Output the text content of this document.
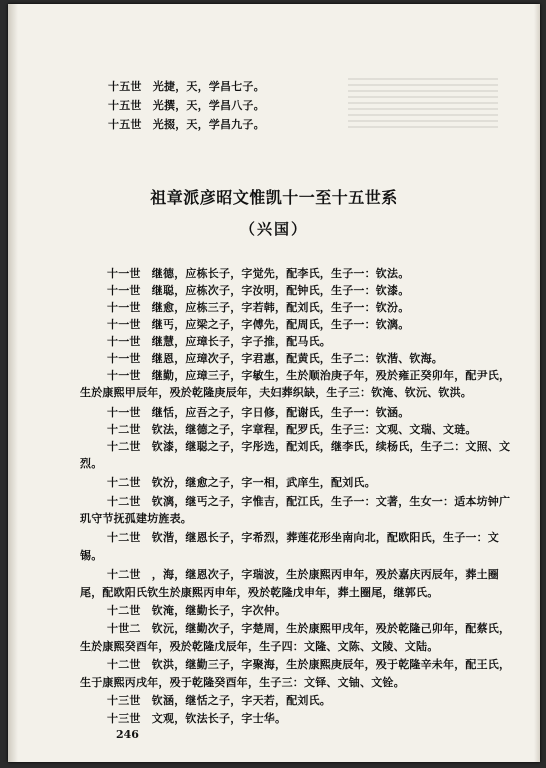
十五世　光捷，天，学昌七子。
十五世　光撰，天，学昌八子。
十五世　光掇，天，学昌九子。
祖章派彦昭文惟凯十一至十五世系
（兴国）
十一世　继德，应栋长子，字觉先，配李氏，生子一：钦法。
十一世　继聪，应栋次子，字汝明，配钟氏，生子一：钦漆。
十一世　继愈，应栋三子，字若韩，配刘氏，生子一：钦汾。
十一世　继丐，应梁之子，字傅先，配周氏，生子一：钦漓。
十一世　继慧，应璋长子，字子推，配马氏。
十一世　继恩，应璋次子，字君惠，配黄氏，生子二：钦湝、钦海。
十一世　继勤，应璋三子，字敏生，生於顺治庚子年，殁於雍正癸卯年，配尹氏，
生於康熙甲辰年，殁於乾隆庚辰年，夫妇葬织缺，生子三：钦淹、钦沅、钦洪。
十一世　继恬，应吾之子，字日修，配谢氏，生子一：钦涵。
十二世　钦法，继德之子，字章程，配罗氏，生子三：文观、文瑞、文琏。
十二世　钦漆，继聪之子，字彤选，配刘氏，继李氏，续杨氏，生子二：文照、文
烈。
十二世　钦汾，继愈之子，字一相，武庠生，配刘氏。
十二世　钦漓，继丐之子，字惟吉，配江氏，生子一：文著，生女一：适本坊钟广
玑守节抚孤建坊旌表。
十二世　钦湝，继恩长子，字希烈，葬莲花形坐南向北，配欧阳氏，生子一：文
锡。
十二世　，海，继恩次子，字瑞波，生於康熙丙申年，殁於嘉庆丙辰年，葬土圈
尾，配欧阳氏钦生於康熙丙申年，殁於乾隆戊申年，葬土圈尾，继郭氏。
十二世　钦淹，继勤长子，字次仲。
十世二　钦沅，继勤次子，字楚周，生於康熙甲戌年，殁於乾隆己卯年，配蔡氏，
生於康熙癸酉年，殁於乾隆戊辰年，生子四：文隆、文陈、文陵、文陆。
十二世　钦洪，继勤三子，字聚海，生於康熙庚辰年，殁于乾隆辛未年，配王氏，
生于康熙丙戌年，殁于乾隆癸酉年，生子三：文铎、文铀、文铨。
十三世　钦涵，继恬之子，字天若，配刘氏。
十三世　文观，钦法长子，字士华。
246
